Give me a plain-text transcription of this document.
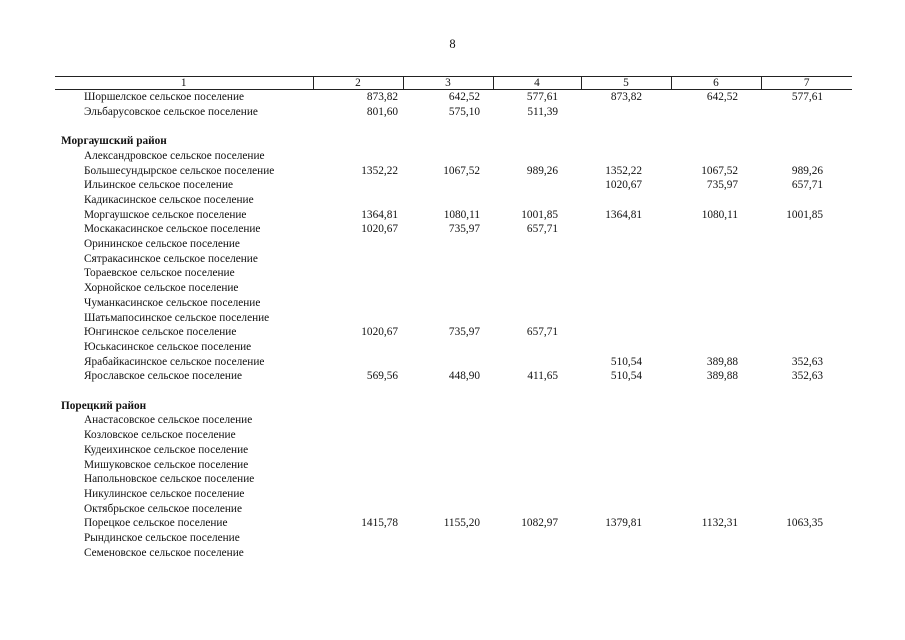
8
1	2	3	4	5	6	7
Шоршелское сельское поселение	873,82	642,52	577,61	873,82	642,52	577,61
Эльбарусовское сельское поселение	801,60	575,10	511,39			

Моргаушский район						
Александровское сельское поселение						
Большесундырское сельское поселение	1352,22	1067,52	989,26	1352,22	1067,52	989,26
Ильинское сельское поселение				1020,67	735,97	657,71
Кадикасинское сельское поселение						
Моргаушское сельское поселение	1364,81	1080,11	1001,85	1364,81	1080,11	1001,85
Москакасинское сельское поселение	1020,67	735,97	657,71			
Орининское сельское поселение						
Сятракасинское сельское поселение						
Тораевское сельское поселение						
Хорнойское сельское поселение						
Чуманкасинское сельское поселение						
Шатьмапосинское сельское поселение						
Юнгинское сельское поселение	1020,67	735,97	657,71			
Юськасинское сельское поселение						
Ярабайкасинское сельское поселение				510,54	389,88	352,63
Ярославское сельское поселение	569,56	448,90	411,65	510,54	389,88	352,63

Порецкий район						
Анастасовское сельское поселение						
Козловское сельское поселение						
Кудеихинское сельское поселение						
Мишуковское сельское поселение						
Напольновское сельское поселение						
Никулинское сельское поселение						
Октябрьское сельское поселение						
Порецкое сельское поселение	1415,78	1155,20	1082,97	1379,81	1132,31	1063,35
Рындинское сельское поселение						
Семеновское сельское поселение						
